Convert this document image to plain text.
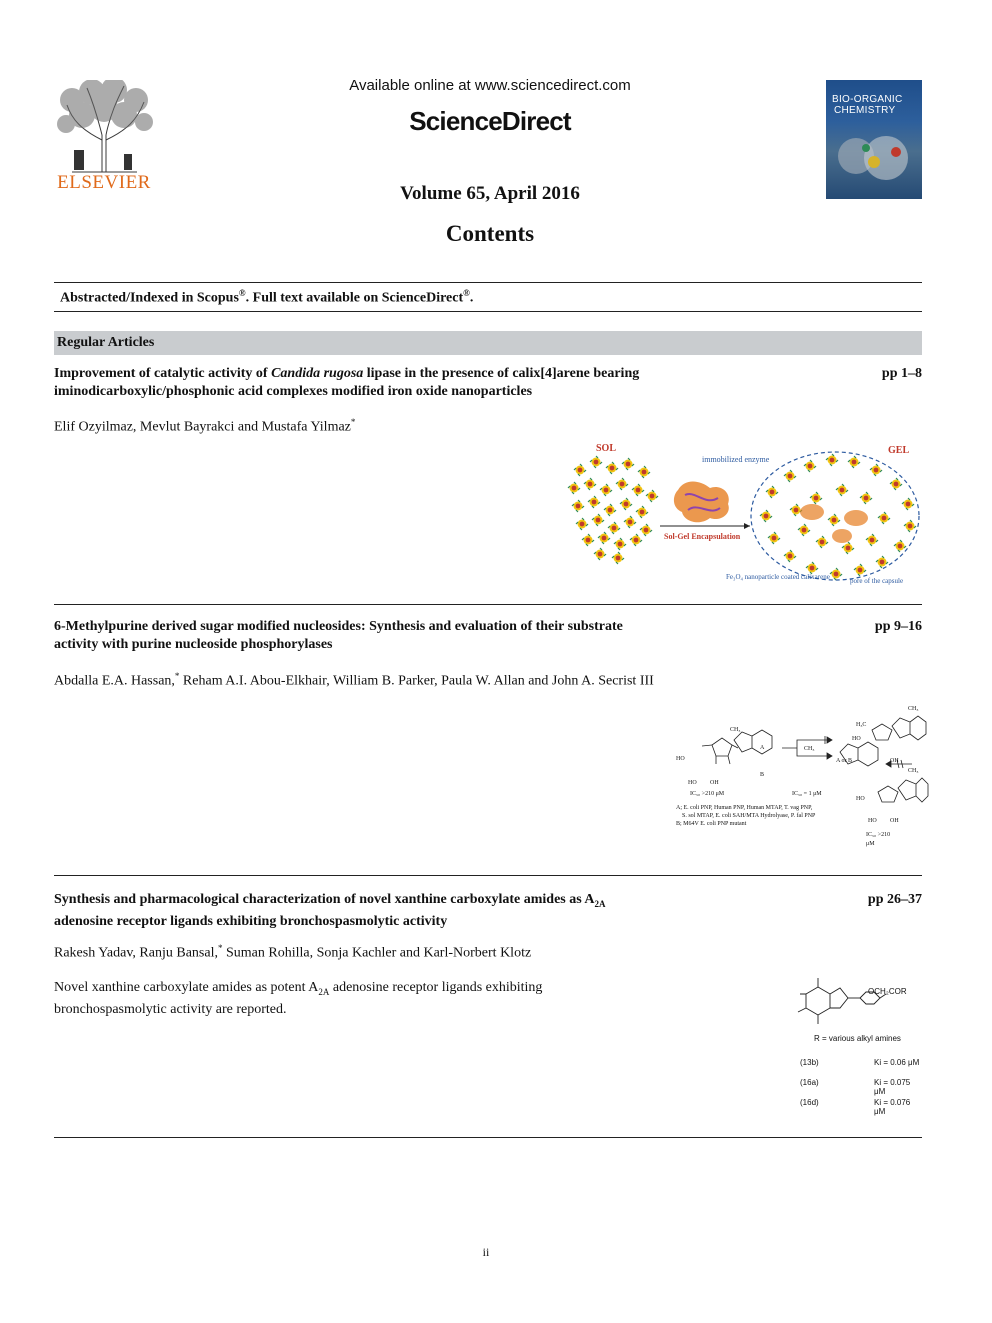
ELSEVIER
Available online at www.sciencedirect.com
ScienceDirect
Volume 65, April 2016
Contents
BIO-ORGANIC
CHEMISTRY
Abstracted/Indexed in Scopus®. Full text available on ScienceDirect®.
Regular Articles
Improvement of catalytic activity of Candida rugosa lipase in the presence of calix[4]arene bearing
iminodicarboxylic/phosphonic acid complexes modified iron oxide nanoparticles
pp 1–8
Elif Ozyilmaz, Mevlut Bayrakci and Mustafa Yilmaz*
SOL	GEL
immobilized enzyme
Sol-Gel Encapsulation
Fe₃O₄ nanoparticle coated calixarene	pore of the capsule
6-Methylpurine derived sugar modified nucleosides: Synthesis and evaluation of their substrate
activity with purine nucleoside phosphorylases
pp 9–16
Abdalla E.A. Hassan,* Reham A.I. Abou-Elkhair, William B. Parker, Paula W. Allan and John A. Secrist III
CH₃
HO
HO OH
A
B
CH₃
A or B
H₃C
CH₃
HO
OH
CH₃
HO
HO OH
IC₅₀ >210 μM	IC₅₀ = 1 μM
IC₅₀ >210
μM
A; E. coli PNP, Human PNP, Human MTAP, T. vag PNP,
S. sol MTAP, E. coli SAH/MTA Hydrolyase, P. fal PNP
B; M64V E. coli PNP mutant
Synthesis and pharmacological characterization of novel xanthine carboxylate amides as $A_{2A}$
adenosine receptor ligands exhibiting bronchospasmolytic activity
pp 26–37
Rakesh Yadav, Ranju Bansal,* Suman Rohilla, Sonja Kachler and Karl-Norbert Klotz
Novel xanthine carboxylate amides as potent $A_{2A}$ adenosine receptor ligands exhibiting
bronchospasmolytic activity are reported.
OCH₂COR
R = various alkyl amines
(13b)	Ki = 0.06 μM
(16a)	Ki = 0.075 μM
(16d)	Ki = 0.076 μM
ii
